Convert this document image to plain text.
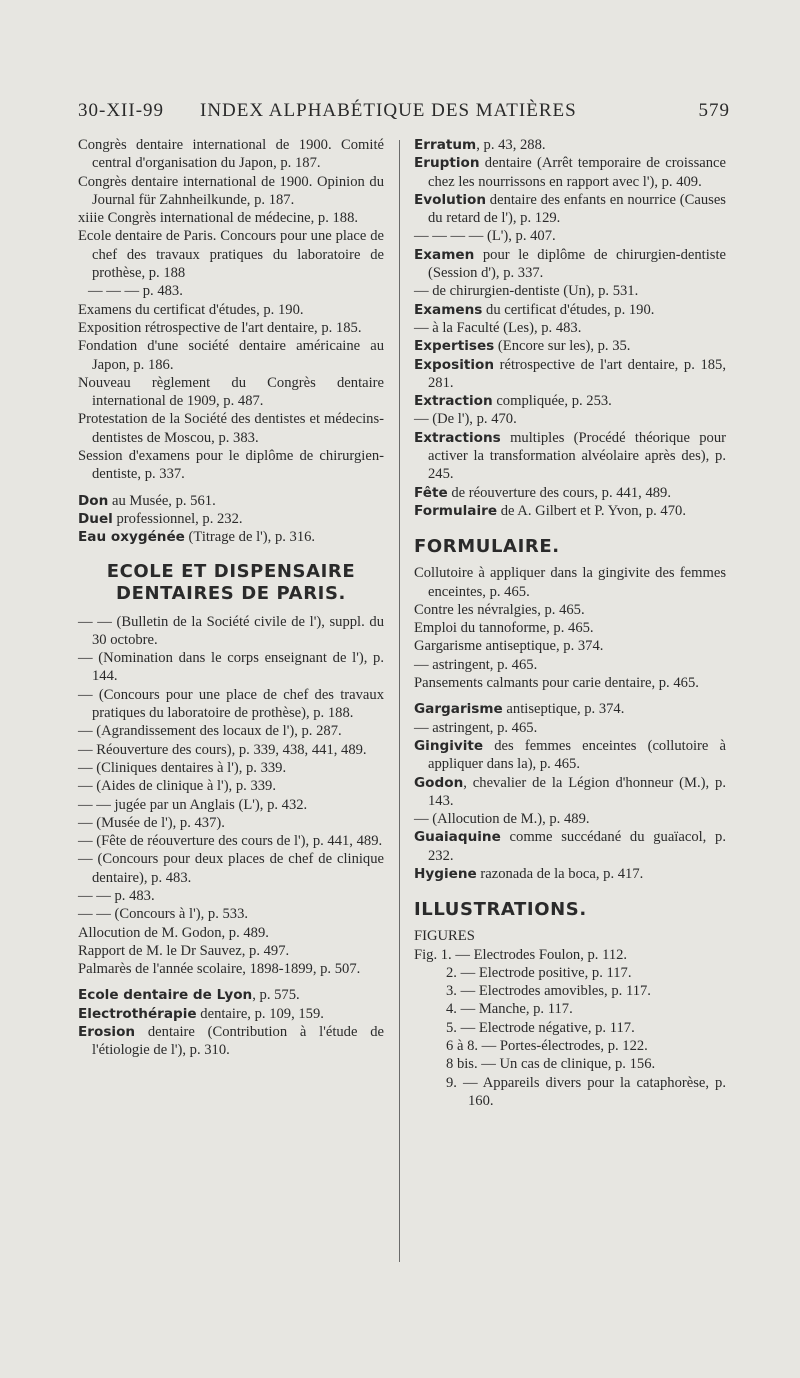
30-XII-99 INDEX ALPHABÉTIQUE DES MATIÈRES	579

Congrès dentaire international de 1900. Comité central d'organisation du Japon, p. 187.

Congrès dentaire international de 1900. Opinion du Journal für Zahnheilkunde, p. 187.

xiiie Congrès international de médecine, p. 188.

Ecole dentaire de Paris. Concours pour une place de chef des travaux pratiques du laboratoire de prothèse, p. 188

— — — p. 483.

Examens du certificat d'études, p. 190.

Exposition rétrospective de l'art dentaire, p. 185.

Fondation d'une société dentaire américaine au Japon, p. 186.

Nouveau règlement du Congrès dentaire international de 1909, p. 487.

Protestation de la Société des dentistes et médecins-dentistes de Moscou, p. 383.

Session d'examens pour le diplôme de chirurgien-dentiste, p. 337.

Don au Musée, p. 561.

Duel professionnel, p. 232.

Eau oxygénée (Titrage de l'), p. 316.

ECOLE ET DISPENSAIRE DENTAIRES DE PARIS.

— — (Bulletin de la Société civile de l'), suppl. du 30 octobre.

— (Nomination dans le corps enseignant de l'), p. 144.

— (Concours pour une place de chef des travaux pratiques du laboratoire de prothèse), p. 188.

— (Agrandissement des locaux de l'), p. 287.

— Réouverture des cours), p. 339, 438, 441, 489.

— (Cliniques dentaires à l'), p. 339.

— (Aides de clinique à l'), p. 339.

— — jugée par un Anglais (L'), p. 432.

— (Musée de l'), p. 437).

— (Fête de réouverture des cours de l'), p. 441, 489.

— (Concours pour deux places de chef de clinique dentaire), p. 483.

— — p. 483.

— — (Concours à l'), p. 533.

Allocution de M. Godon, p. 489.

Rapport de M. le Dr Sauvez, p. 497.

Palmarès de l'année scolaire, 1898-1899, p. 507.

Ecole dentaire de Lyon, p. 575.

Electrothérapie dentaire, p. 109, 159.

Erosion dentaire (Contribution à l'étude de l'étiologie de l'), p. 310.

Erratum, p. 43, 288.

Eruption dentaire (Arrêt temporaire de croissance chez les nourrissons en rapport avec l'), p. 409.

Evolution dentaire des enfants en nourrice (Causes du retard de l'), p. 129.

— — — — (L'), p. 407.

Examen pour le diplôme de chirurgien-dentiste (Session d'), p. 337.

— de chirurgien-dentiste (Un), p. 531.

Examens du certificat d'études, p. 190.

— à la Faculté (Les), p. 483.

Expertises (Encore sur les), p. 35.

Exposition rétrospective de l'art dentaire, p. 185, 281.

Extraction compliquée, p. 253.

— (De l'), p. 470.

Extractions multiples (Procédé théorique pour activer la transformation alvéolaire après des), p. 245.

Fête de réouverture des cours, p. 441, 489.

Formulaire de A. Gilbert et P. Yvon, p. 470.

FORMULAIRE.

Collutoire à appliquer dans la gingivite des femmes enceintes, p. 465.

Contre les névralgies, p. 465.

Emploi du tannoforme, p. 465.

Gargarisme antiseptique, p. 374.

— astringent, p. 465.

Pansements calmants pour carie dentaire, p. 465.

Gargarisme antiseptique, p. 374.

— astringent, p. 465.

Gingivite des femmes enceintes (collutoire à appliquer dans la), p. 465.

Godon, chevalier de la Légion d'honneur (M.), p. 143.

— (Allocution de M.), p. 489.

Guaiaquine comme succédané du guaïacol, p. 232.

Hygiene razonada de la boca, p. 417.

ILLUSTRATIONS.

FIGURES

Fig. 1. — Electrodes Foulon, p. 112.

2. — Electrode positive, p. 117.

3. — Electrodes amovibles, p. 117.

4. — Manche, p. 117.

5. — Electrode négative, p. 117.

6 à 8. — Portes-électrodes, p. 122.

8 bis. — Un cas de clinique, p. 156.

9. — Appareils divers pour la cataphorèse, p. 160.
